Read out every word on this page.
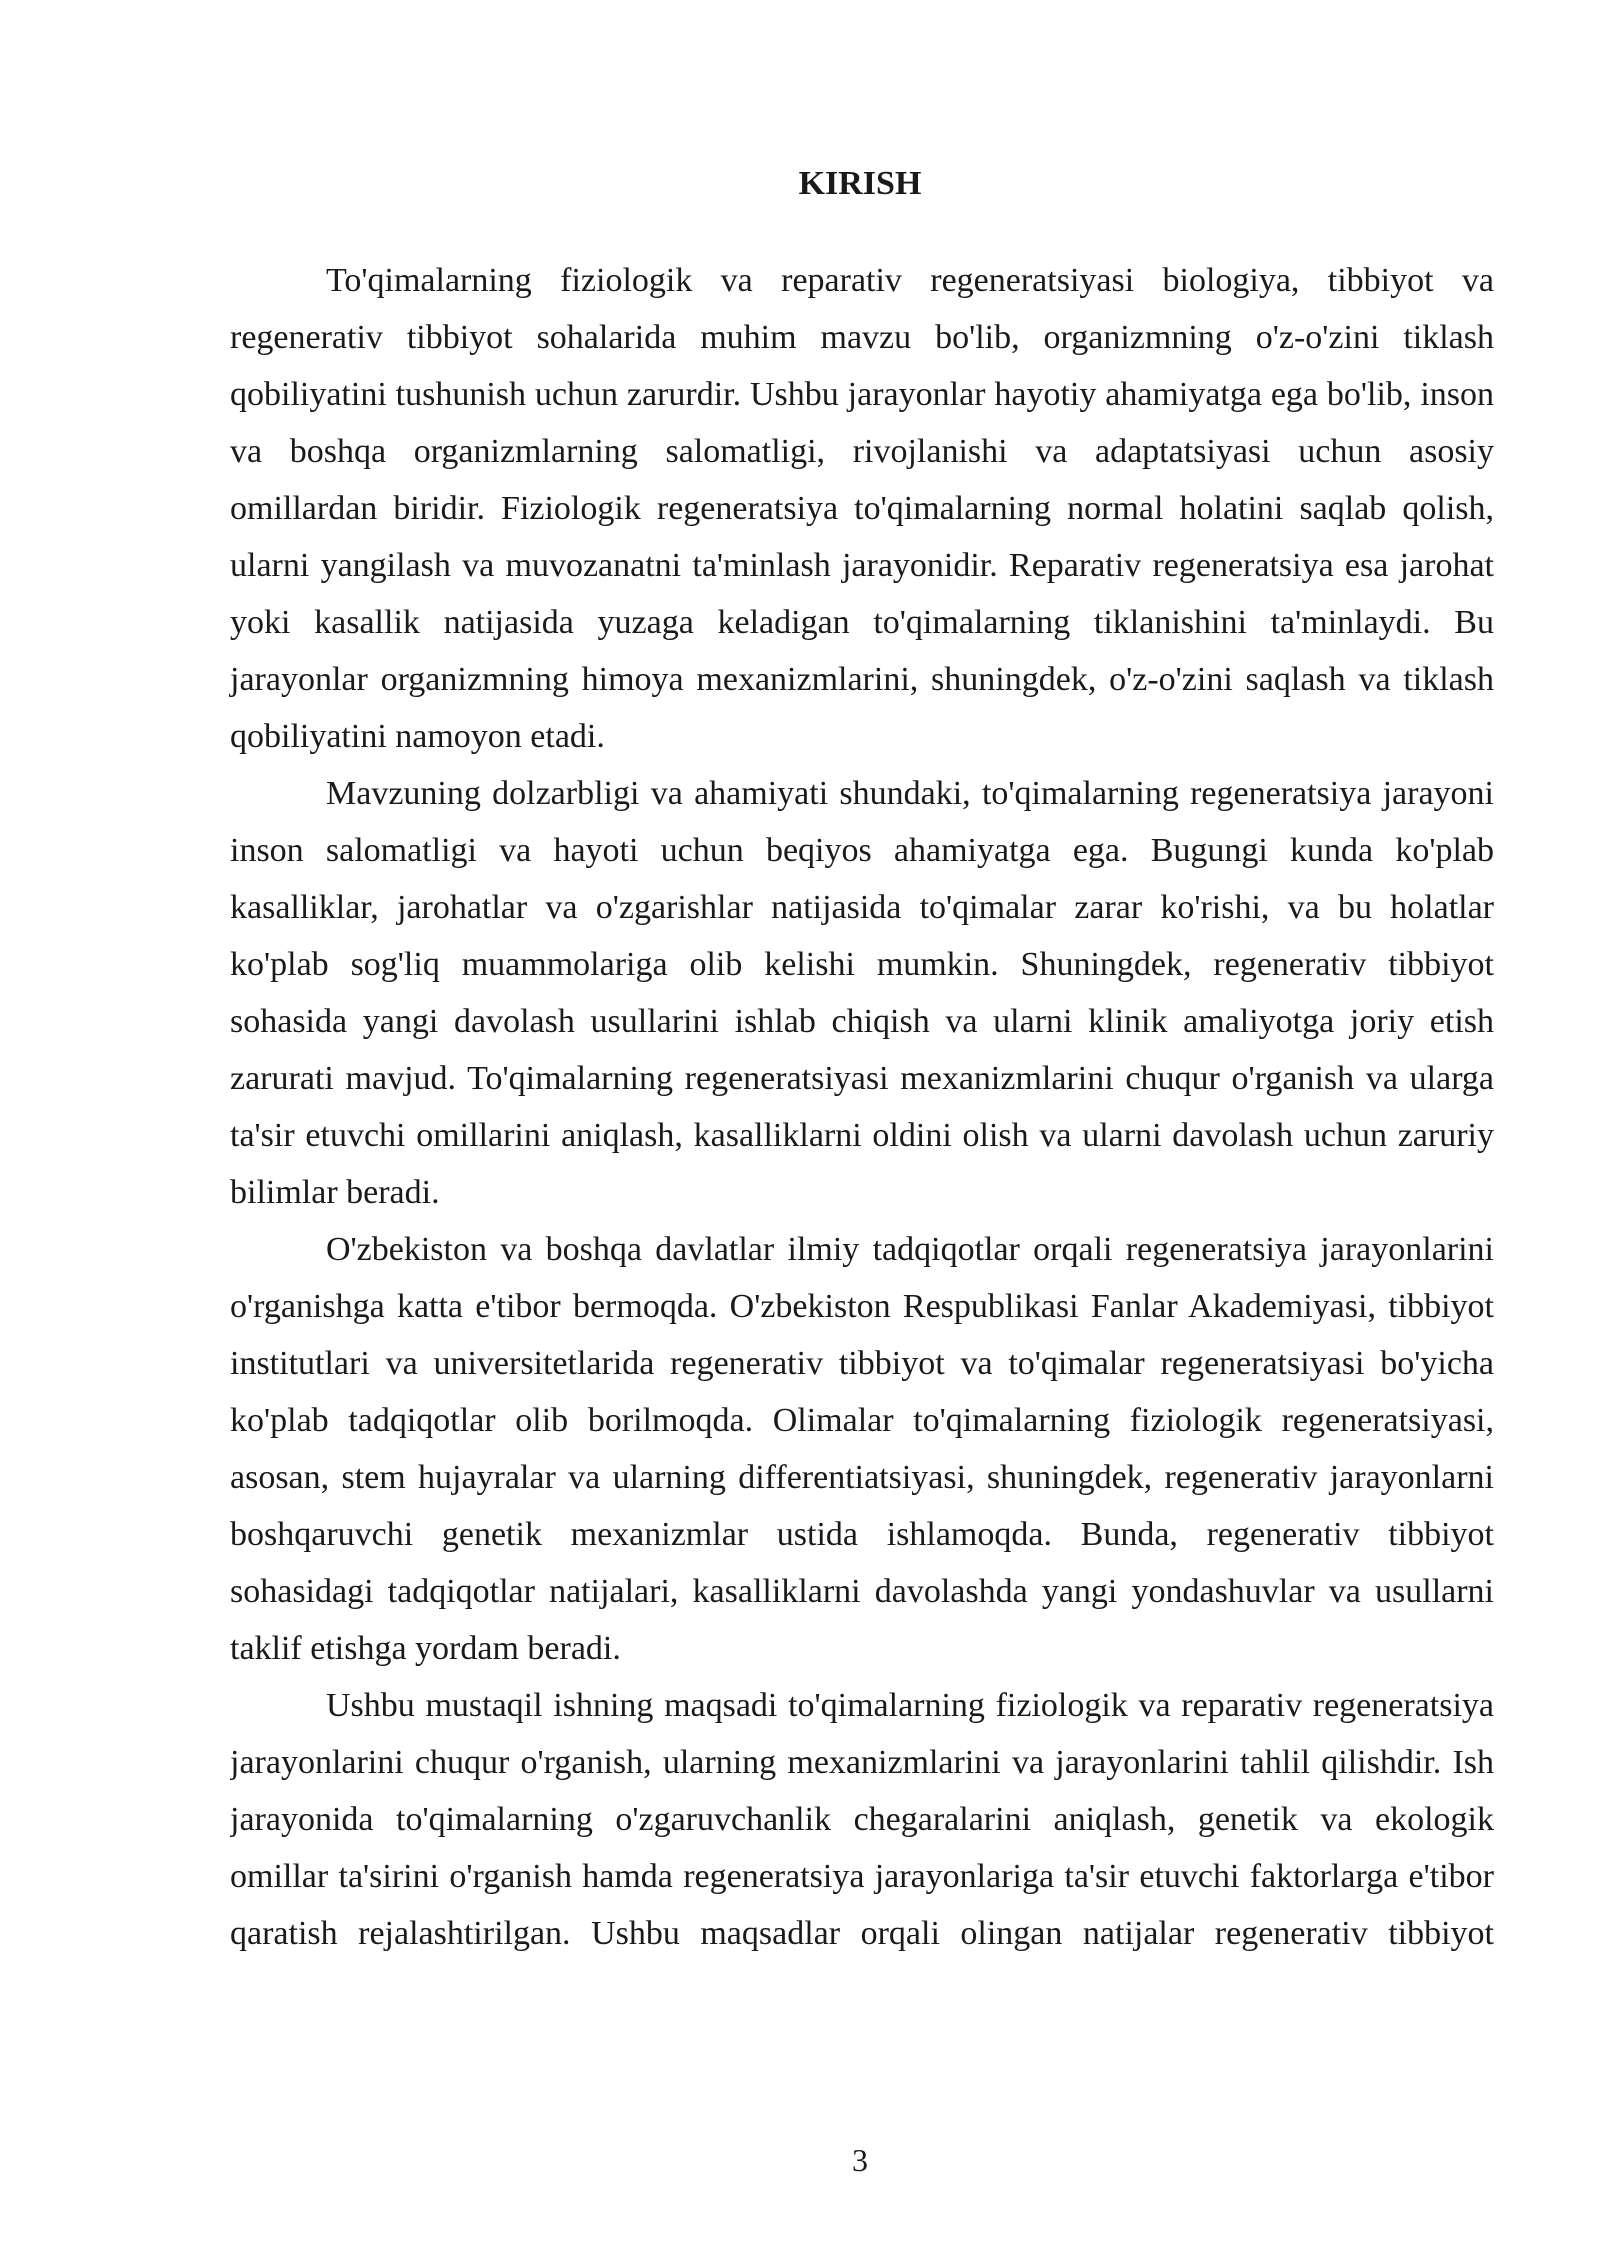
KIRISH

To'qimalarning fiziologik va reparativ regeneratsiyasi biologiya, tibbiyot va regenerativ tibbiyot sohalarida muhim mavzu bo'lib, organizmning o'z-o'zini tiklash qobiliyatini tushunish uchun zarurdir. Ushbu jarayonlar hayotiy ahamiyatga ega bo'lib, inson va boshqa organizmlarning salomatligi, rivojlanishi va adaptatsiyasi uchun asosiy omillardan biridir. Fiziologik regeneratsiya to'qimalarning normal holatini saqlab qolish, ularni yangilash va muvozanatni ta'minlash jarayonidir. Reparativ regeneratsiya esa jarohat yoki kasallik natijasida yuzaga keladigan to'qimalarning tiklanishini ta'minlaydi. Bu jarayonlar organizmning himoya mexanizmlarini, shuningdek, o'z-o'zini saqlash va tiklash qobiliyatini namoyon etadi.

Mavzuning dolzarbligi va ahamiyati shundaki, to'qimalarning regeneratsiya jarayoni inson salomatligi va hayoti uchun beqiyos ahamiyatga ega. Bugungi kunda ko'plab kasalliklar, jarohatlar va o'zgarishlar natijasida to'qimalar zarar ko'rishi, va bu holatlar ko'plab sog'liq muammolariga olib kelishi mumkin. Shuningdek, regenerativ tibbiyot sohasida yangi davolash usullarini ishlab chiqish va ularni klinik amaliyotga joriy etish zarurati mavjud. To'qimalarning regeneratsiyasi mexanizmlarini chuqur o'rganish va ularga ta'sir etuvchi omillarini aniqlash, kasalliklarni oldini olish va ularni davolash uchun zaruriy bilimlar beradi.

O'zbekiston va boshqa davlatlar ilmiy tadqiqotlar orqali regeneratsiya jarayonlarini o'rganishga katta e'tibor bermoqda. O'zbekiston Respublikasi Fanlar Akademiyasi, tibbiyot institutlari va universitetlarida regenerativ tibbiyot va to'qimalar regeneratsiyasi bo'yicha ko'plab tadqiqotlar olib borilmoqda. Olimalar to'qimalarning fiziologik regeneratsiyasi, asosan, stem hujayralar va ularning differentiatsiyasi, shuningdek, regenerativ jarayonlarni boshqaruvchi genetik mexanizmlar ustida ishlamoqda. Bunda, regenerativ tibbiyot sohasidagi tadqiqotlar natijalari, kasalliklarni davolashda yangi yondashuvlar va usullarni taklif etishga yordam beradi.

Ushbu mustaqil ishning maqsadi to'qimalarning fiziologik va reparativ regeneratsiya jarayonlarini chuqur o'rganish, ularning mexanizmlarini va jarayonlarini tahlil qilishdir. Ish jarayonida to'qimalarning o'zgaruvchanlik chegaralarini aniqlash, genetik va ekologik omillar ta'sirini o'rganish hamda regeneratsiya jarayonlariga ta'sir etuvchi faktorlarga e'tibor qaratish rejalashtirilgan. Ushbu maqsadlar orqali olingan natijalar regenerativ tibbiyot

3
